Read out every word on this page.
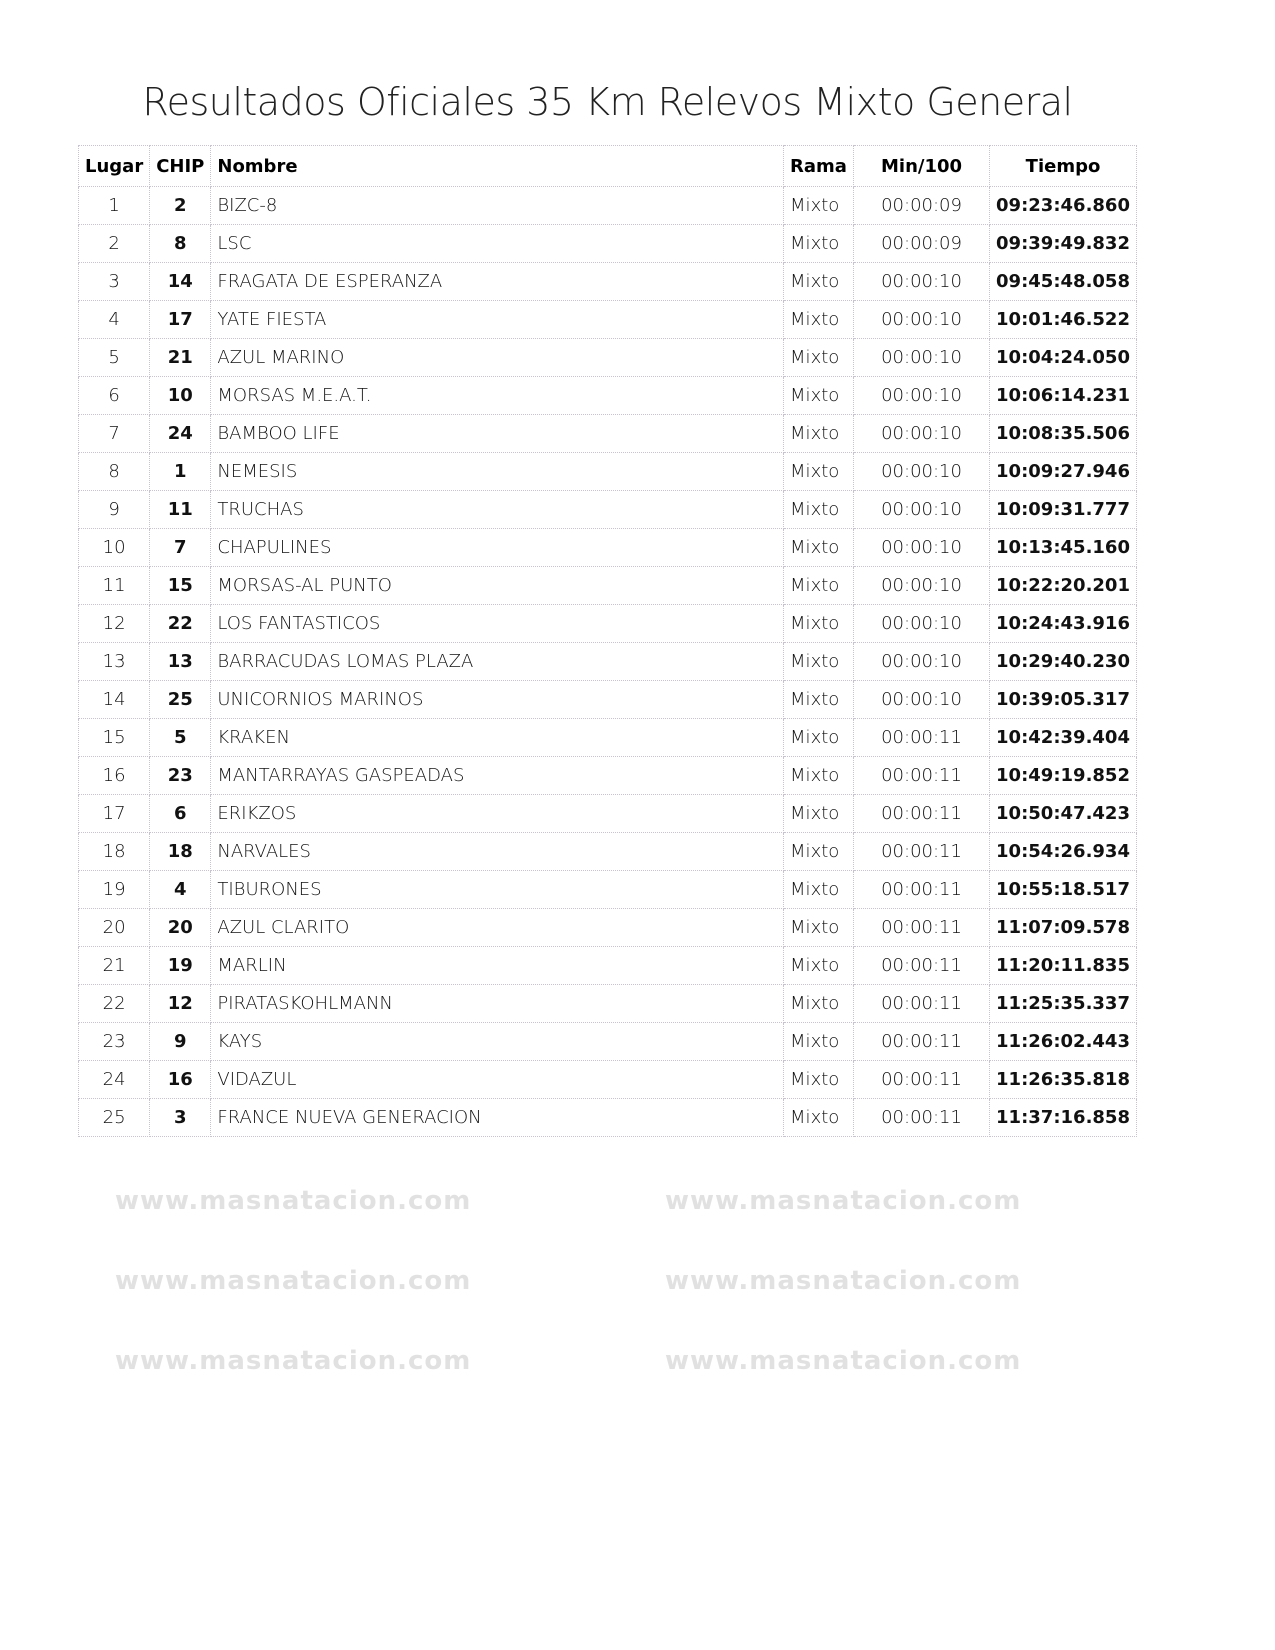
Resultados Oficiales 35 Km Relevos Mixto General
Lugar	CHIP	Nombre	Rama	Min/100	Tiempo
1	2	BIZC-8	Mixto	00:00:09	09:23:46.860
2	8	LSC	Mixto	00:00:09	09:39:49.832
3	14	FRAGATA DE ESPERANZA	Mixto	00:00:10	09:45:48.058
4	17	YATE FIESTA	Mixto	00:00:10	10:01:46.522
5	21	AZUL MARINO	Mixto	00:00:10	10:04:24.050
6	10	MORSAS M.E.A.T.	Mixto	00:00:10	10:06:14.231
7	24	BAMBOO LIFE	Mixto	00:00:10	10:08:35.506
8	1	NEMESIS	Mixto	00:00:10	10:09:27.946
9	11	TRUCHAS	Mixto	00:00:10	10:09:31.777
10	7	CHAPULINES	Mixto	00:00:10	10:13:45.160
11	15	MORSAS-AL PUNTO	Mixto	00:00:10	10:22:20.201
12	22	LOS FANTASTICOS	Mixto	00:00:10	10:24:43.916
13	13	BARRACUDAS LOMAS PLAZA	Mixto	00:00:10	10:29:40.230
14	25	UNICORNIOS MARINOS	Mixto	00:00:10	10:39:05.317
15	5	KRAKEN	Mixto	00:00:11	10:42:39.404
16	23	MANTARRAYAS GASPEADAS	Mixto	00:00:11	10:49:19.852
17	6	ERIKZOS	Mixto	00:00:11	10:50:47.423
18	18	NARVALES	Mixto	00:00:11	10:54:26.934
19	4	TIBURONES	Mixto	00:00:11	10:55:18.517
20	20	AZUL CLARITO	Mixto	00:00:11	11:07:09.578
21	19	MARLIN	Mixto	00:00:11	11:20:11.835
22	12	PIRATASKOHLMANN	Mixto	00:00:11	11:25:35.337
23	9	KAYS	Mixto	00:00:11	11:26:02.443
24	16	VIDAZUL	Mixto	00:00:11	11:26:35.818
25	3	FRANCE NUEVA GENERACION	Mixto	00:00:11	11:37:16.858
www.masnatacion.com	www.masnatacion.com
www.masnatacion.com	www.masnatacion.com
www.masnatacion.com	www.masnatacion.com
